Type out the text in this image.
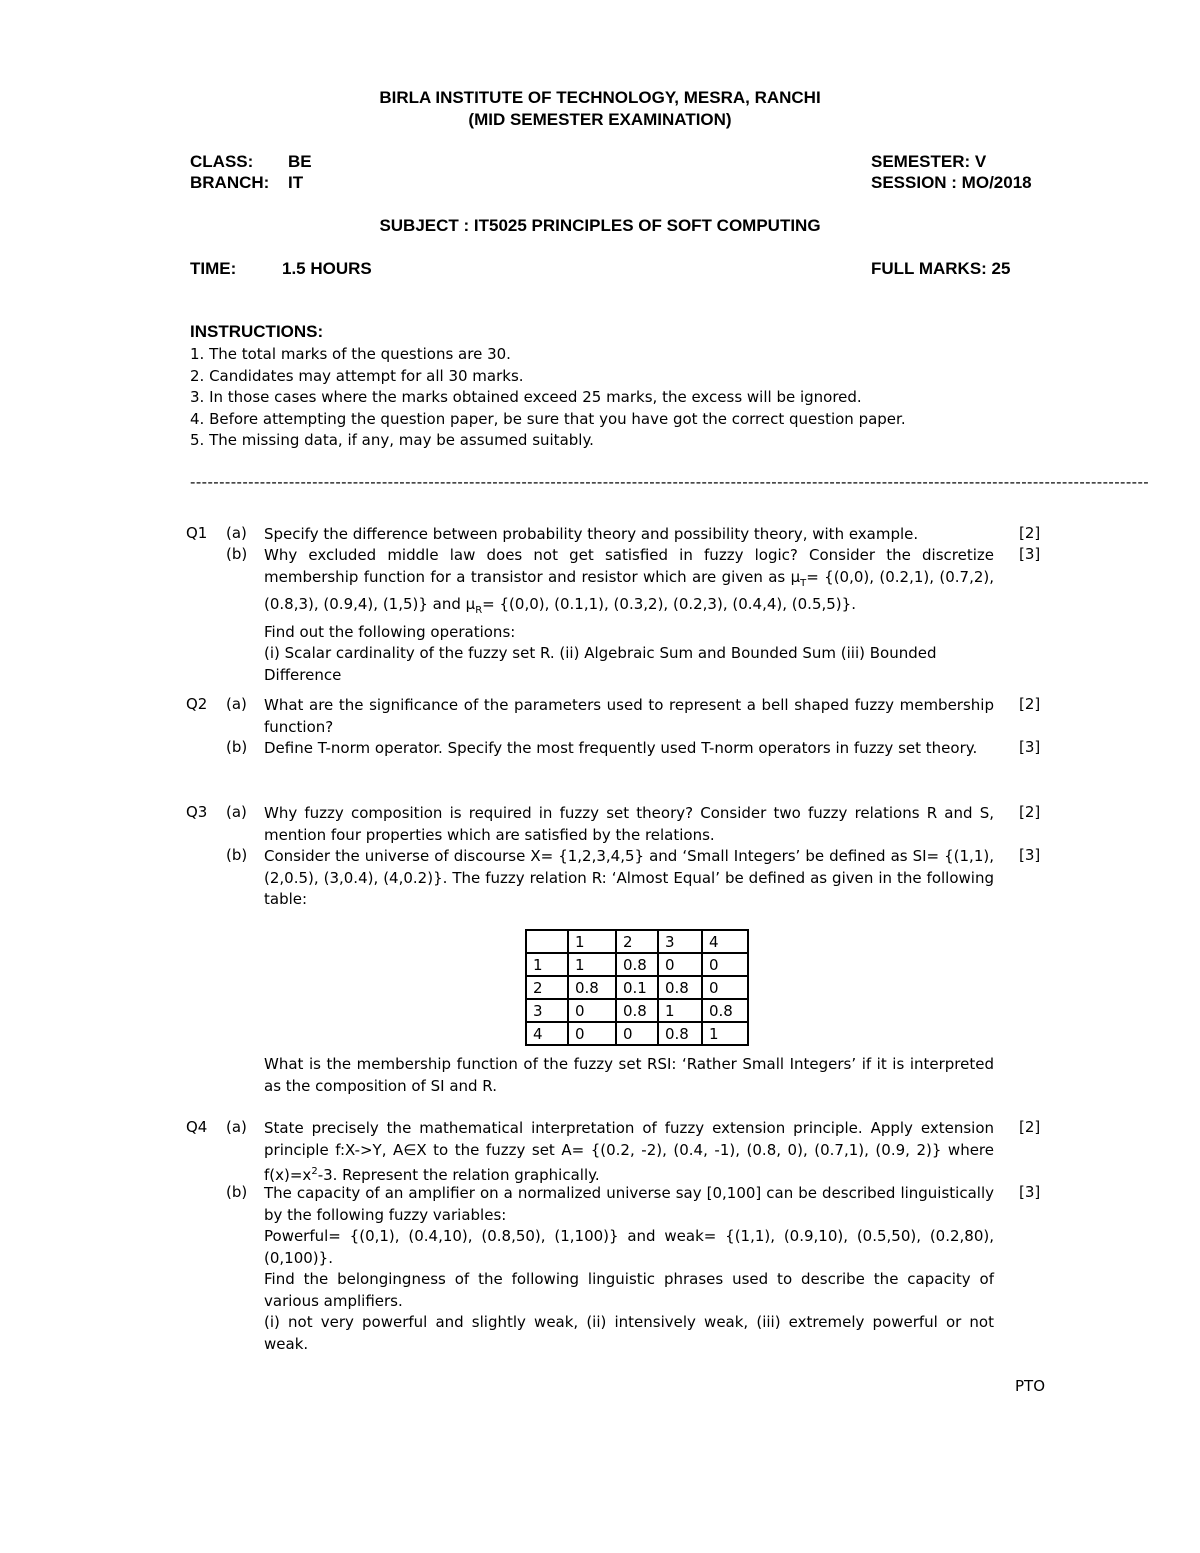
BIRLA INSTITUTE OF TECHNOLOGY, MESRA, RANCHI
(MID SEMESTER EXAMINATION)
CLASS: BE
BRANCH: IT
SEMESTER: V
SESSION : MO/2018
SUBJECT : IT5025 PRINCIPLES OF SOFT COMPUTING
TIME:	1.5 HOURS	FULL MARKS: 25
INSTRUCTIONS:
1. The total marks of the questions are 30.
2. Candidates may attempt for all 30 marks.
3. In those cases where the marks obtained exceed 25 marks, the excess will be ignored.
4. Before attempting the question paper, be sure that you have got the correct question paper.
5. The missing data, if any, may be assumed suitably.
---------------------------------------------------------------------------------------------------------------------------------------------------------------------
Q1 (a) Specify the difference between probability theory and possibility theory, with example.	[2]
(b) Why excluded middle law does not get satisfied in fuzzy logic? Consider the discretize membership function for a transistor and resistor which are given as $\mu_T= \{(0,0)$, (0.2,1), (0.7,2), (0.8,3), (0.9,4), (1,5)} and $\mu_R= \{(0,0)$, (0.1,1), (0.3,2), (0.2,3), (0.4,4), (0.5,5)}.

Find out the following operations:

(i) Scalar cardinality of the fuzzy set R. (ii) Algebraic Sum and Bounded Sum (iii) Bounded Difference

[3]
Q2 (a) What are the significance of the parameters used to represent a bell shaped fuzzy membership function?

[2]
(b) Define T-norm operator. Specify the most frequently used T-norm operators in fuzzy set theory.	[3]
Q3 (a) Why fuzzy composition is required in fuzzy set theory? Consider two fuzzy relations R and S, mention four properties which are satisfied by the relations.

[2]
(b) Consider the universe of discourse X= {1,2,3,4,5} and ‘Small Integers’ be defined as SI= {(1,1), (2,0.5), (3,0.4), (4,0.2)}. The fuzzy relation R: ‘Almost Equal’ be defined as given in the following table:

[3]
	1	2	3	4
1	1	0.8	0	0
2	0.8	0.1	0.8	0
3	0	0.8	1	0.8
4	0	0	0.8	1

What is the membership function of the fuzzy set RSI: ‘Rather Small Integers’ if it is interpreted as the composition of SI and R.

Q4 (a) State precisely the mathematical interpretation of fuzzy extension principle. Apply extension principle f:X->Y, A∈X to the fuzzy set A= {(0.2, -2), (0.4, -1), (0.8, 0), (0.7,1), (0.9, 2)} where $f(x)=x^2-3$. Represent the relation graphically.

[2]
(b) The capacity of an amplifier on a normalized universe say [0,100] can be described linguistically by the following fuzzy variables:

Powerful= {(0,1), (0.4,10), (0.8,50), (1,100)} and weak= {(1,1), (0.9,10), (0.5,50), (0.2,80), (0,100)}.

Find the belongingness of the following linguistic phrases used to describe the capacity of various amplifiers.

(i) not very powerful and slightly weak, (ii) intensively weak, (iii) extremely powerful or not weak.

[3]
PTO
